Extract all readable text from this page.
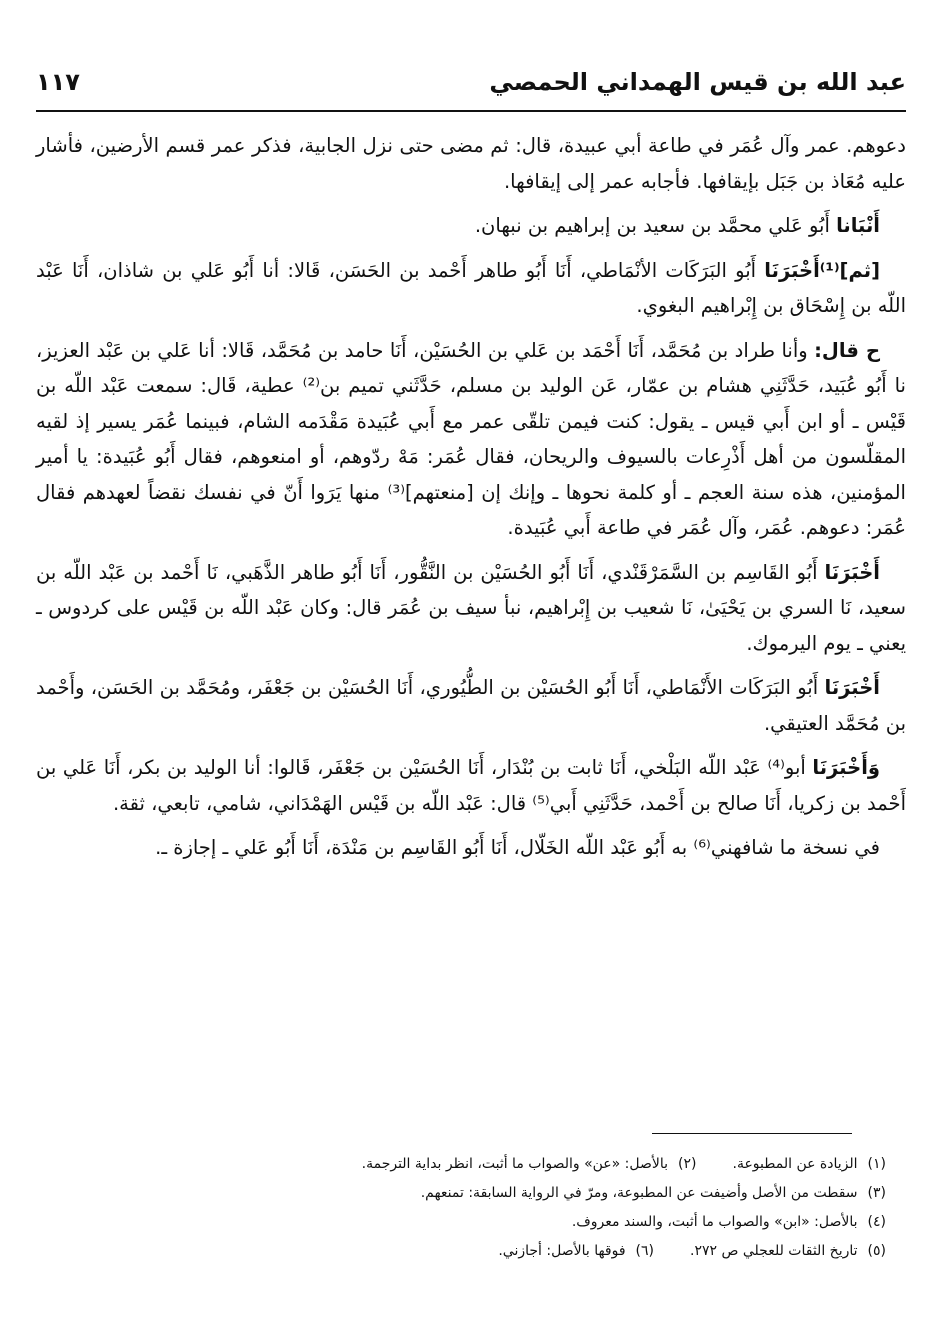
عبد الله بن قيس الهمداني الحمصي
١١٧

دعوهم. عمر وآل عُمَر في طاعة أبي عبيدة، قال: ثم مضى حتى نزل الجابية، فذكر عمر قسم الأرضين، فأشار عليه مُعَاذ بن جَبَل بإيقافها. فأجابه عمر إلى إيقافها.

أَنْبَانا أَبُو عَلي محمَّد بن سعيد بن إبراهيم بن نبهان.

[ثم]⁽¹⁾أَخْبَرَنَا أَبُو البَرَكَات الأنْمَاطي، أَنَا أَبُو طاهر أَحْمد بن الحَسَن، قَالا: أنا أَبُو عَلي بن شاذان، أَنَا عَبْد اللّه بن إِسْحَاق بن إِبْراهيم البغوي.

ح قال: وأنا طراد بن مُحَمَّد، أَنَا أَحْمَد بن عَلي بن الحُسَيْن، أَنَا حامد بن مُحَمَّد، قَالا: أنا عَلي بن عَبْد العزيز، نا أَبُو عُبَيد، حَدَّثَنِي هشام بن عمّار، عَن الوليد بن مسلم، حَدَّثَني تميم بن⁽²⁾ عطية، قَال: سمعت عَبْد اللّه بن قَيْس ـ أو ابن أَبي قيس ـ يقول: كنت فيمن تلقّى عمر مع أَبي عُبَيدة مَقْدَمه الشام، فبينما عُمَر يسير إذ لقيه المقلّسون من أهل أَذْرِعات بالسيوف والريحان، فقال عُمَر: مَهْ ردّوهم، أو امنعوهم، فقال أَبُو عُبَيدة: يا أمير المؤمنين، هذه سنة العجم ـ أو كلمة نحوها ـ وإنك إن [منعتهم]⁽³⁾ منها يَرَوا أَنّ في نفسك نقضاً لعهدهم فقال عُمَر: دعوهم. عُمَر، وآل عُمَر في طاعة أَبي عُبَيدة.

أَخْبَرَنَا أَبُو القَاسِم بن السَّمَرْقَنْدي، أَنَا أَبُو الحُسَيْن بن النَّقُّور، أَنَا أَبُو طاهر الذَّهَبي، نَا أَحْمد بن عَبْد اللّه بن سعيد، نَا السري بن يَحْيَىٰ، نَا شعيب بن إِبْراهيم، نبأ سيف بن عُمَر قال: وكان عَبْد اللّه بن قَيْس على كردوس ـ يعني ـ يوم اليرموك.

أَخْبَرَنَا أَبُو البَرَكَات الأَنْمَاطي، أَنَا أَبُو الحُسَيْن بن الطُّيُوري، أَنَا الحُسَيْن بن جَعْفَر، ومُحَمَّد بن الحَسَن، وأَحْمد بن مُحَمَّد العتيقي.

وَأَخْبَرَنَا أبو⁽⁴⁾ عَبْد اللّه البَلْخي، أَنَا ثابت بن بُنْدَار، أَنَا الحُسَيْن بن جَعْفَر، قَالوا: أنا الوليد بن بكر، أَنَا عَلي بن أَحْمد بن زكريا، أَنَا صالح بن أَحْمد، حَدَّثَنِي أَبي⁽⁵⁾ قال: عَبْد اللّه بن قَيْس الهَمْدَاني، شامي، تابعي، ثقة.

في نسخة ما شافهني⁽⁶⁾ به أَبُو عَبْد اللّه الخَلّال، أَنَا أَبُو القَاسِم بن مَنْدَة، أَنَا أَبُو عَلي ـ إجازة ـ.

(١)الزيادة عن المطبوعة.
(٢)بالأصل: «عن» والصواب ما أثبت، انظر بداية الترجمة.
(٣)سقطت من الأصل وأضيفت عن المطبوعة، ومرّ في الرواية السابقة: تمنعهم.
(٤)بالأصل: «ابن» والصواب ما أثبت، والسند معروف.
(٥)تاريخ الثقات للعجلي ص ٢٧٢.
(٦)فوقها بالأصل: أجازني.
